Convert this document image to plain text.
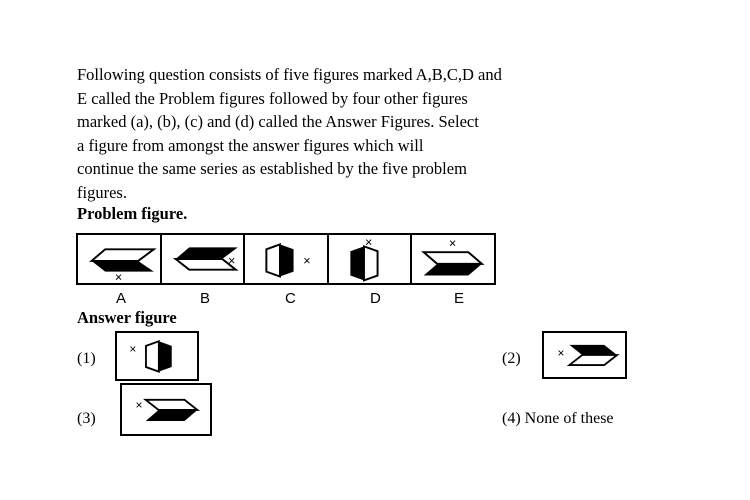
Following question consists of five figures marked A,B,C,D and

E called the Problem figures followed by four other figures

marked (a), (b), (c) and (d) called the Answer Figures. Select

a figure from amongst the answer figures which will

continue the same series as established by the five problem

figures.

Problem figure.
×
×	×
×	×
A	B	C	D	E
Answer figure
(1)
×
(2)	×
(3)
×
(4) None of these
